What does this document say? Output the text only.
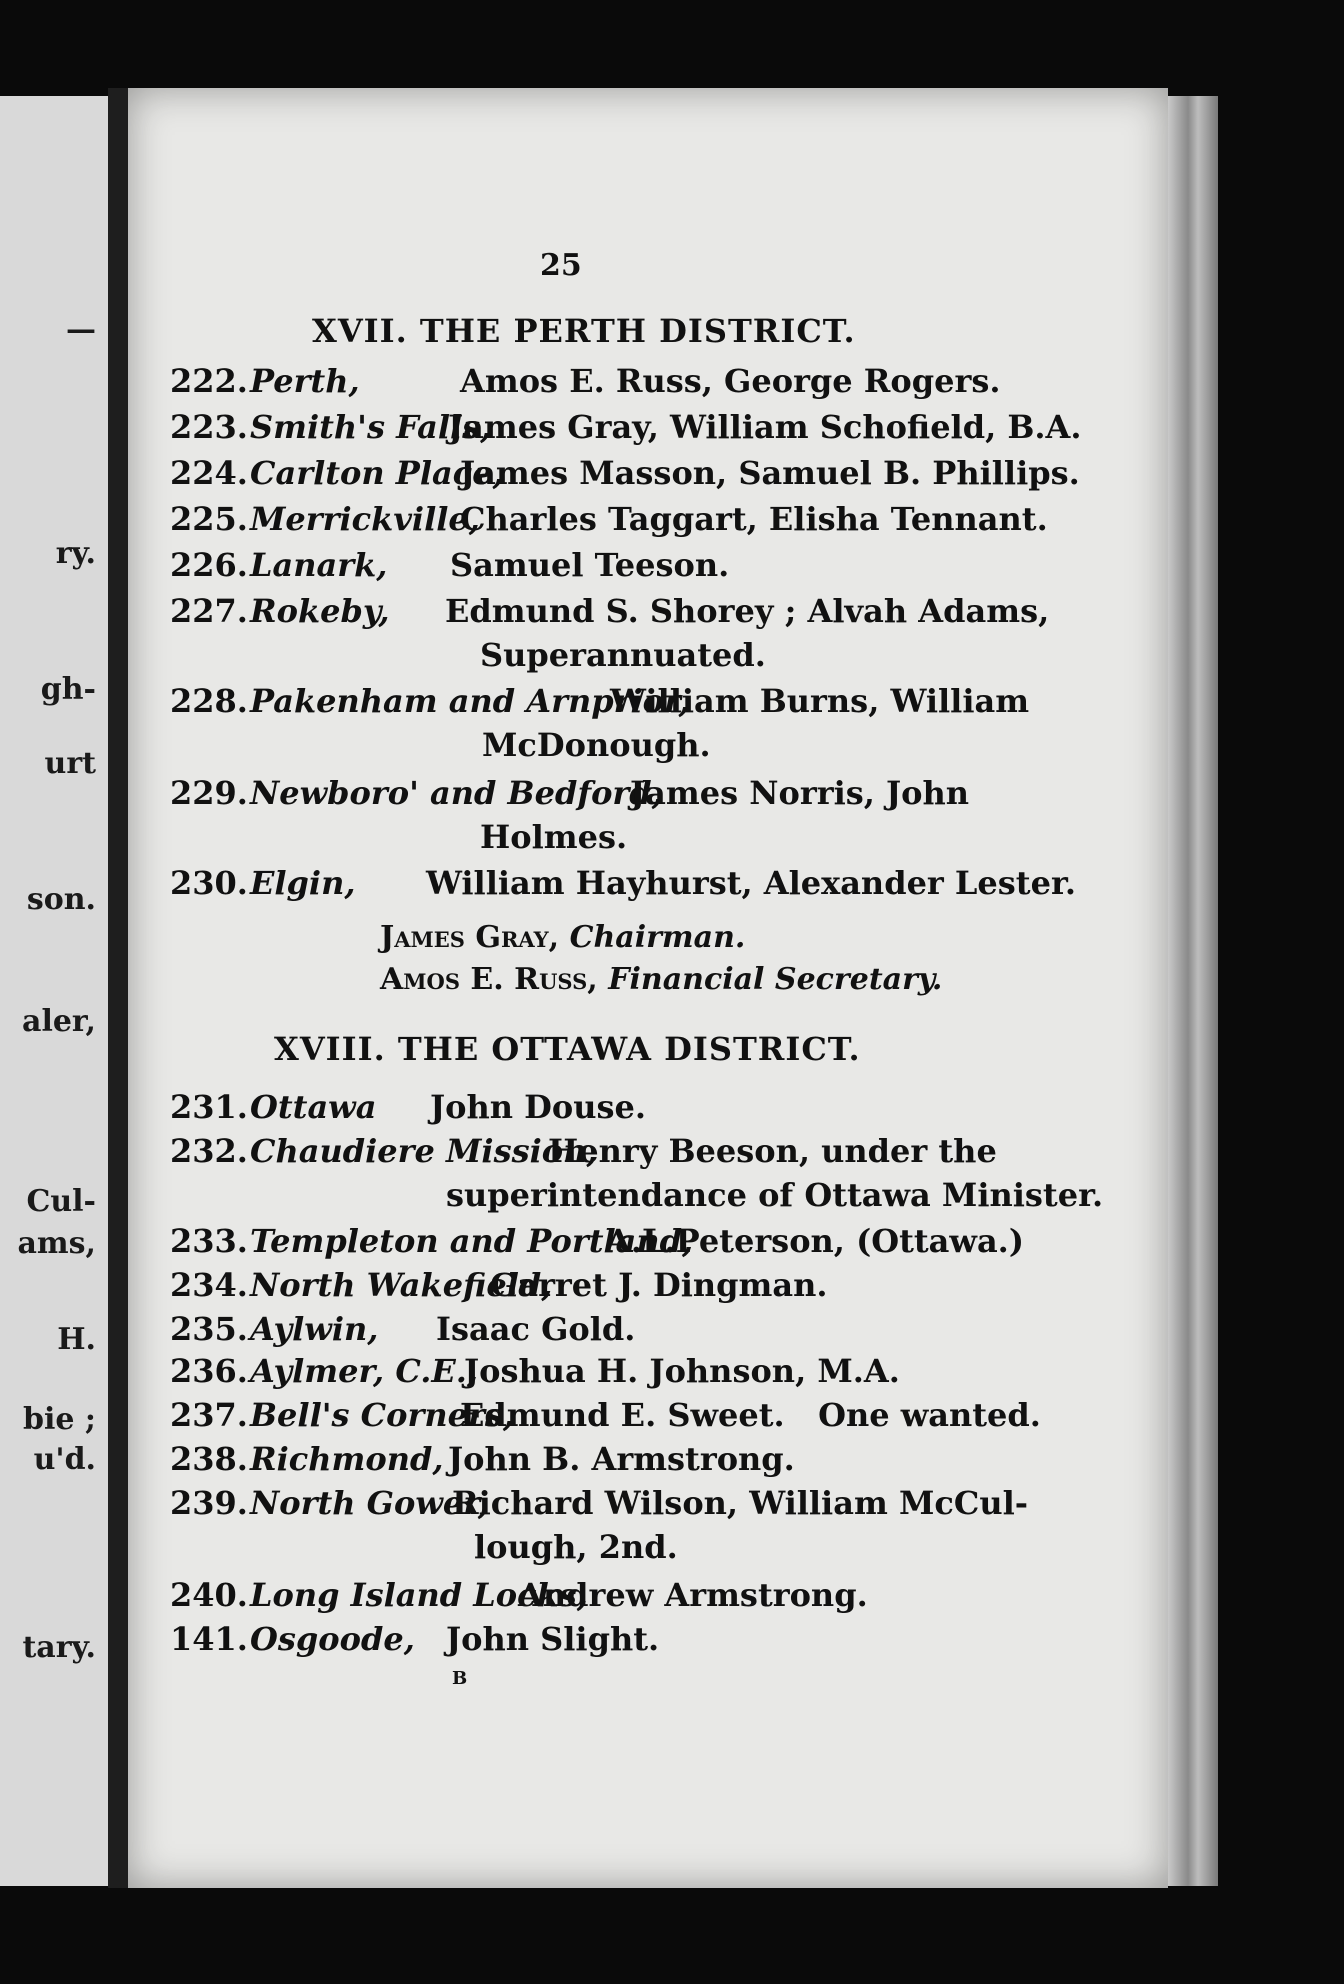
—
ry.
gh-
urt
son.
aler,
Cul-
ams,
H.
bie ;
u'd.
tary.
25
XVII. THE PERTH DISTRICT.
222. Perth,	Amos E. Russ, George Rogers.
223. Smith's Falls,
James Gray, William Schofield, B.A.
224. Carlton Place,
James Masson, Samuel B. Phillips.
225. Merrickville,
Charles Taggart, Elisha Tennant.
226. Lanark, Samuel Teeson.
227. Rokeby, Edmund S. Shorey ; Alvah Adams,
Superannuated.
228. Pakenham and Arnprior,
William Burns, William
McDonough.
229. Newboro' and Bedford,
James Norris, John
Holmes.
230. Elgin, William Hayhurst, Alexander Lester.
James Gray, Chairman.
Amos E. Russ, Financial Secretary.
XVIII. THE OTTAWA DISTRICT.
231. Ottawa John Douse.
232. Chaudiere Mission,
Henry Beeson, under the
superintendance of Ottawa Minister.
233. Templeton and Portland,
A.L.Peterson, (Ottawa.)
234. North Wakefield,
Garret J. Dingman.
235. Aylwin, Isaac Gold.
236. Aylmer, C.E.,
Joshua H. Johnson, M.A.
237. Bell's Corners,
Edmund E. Sweet.   One wanted.
238. Richmond, John B. Armstrong.
239. North Gower,
Richard Wilson, William McCul-
lough, 2nd.
240. Long Island Locks,
Andrew Armstrong.
141. Osgoode, John Slight.
B
